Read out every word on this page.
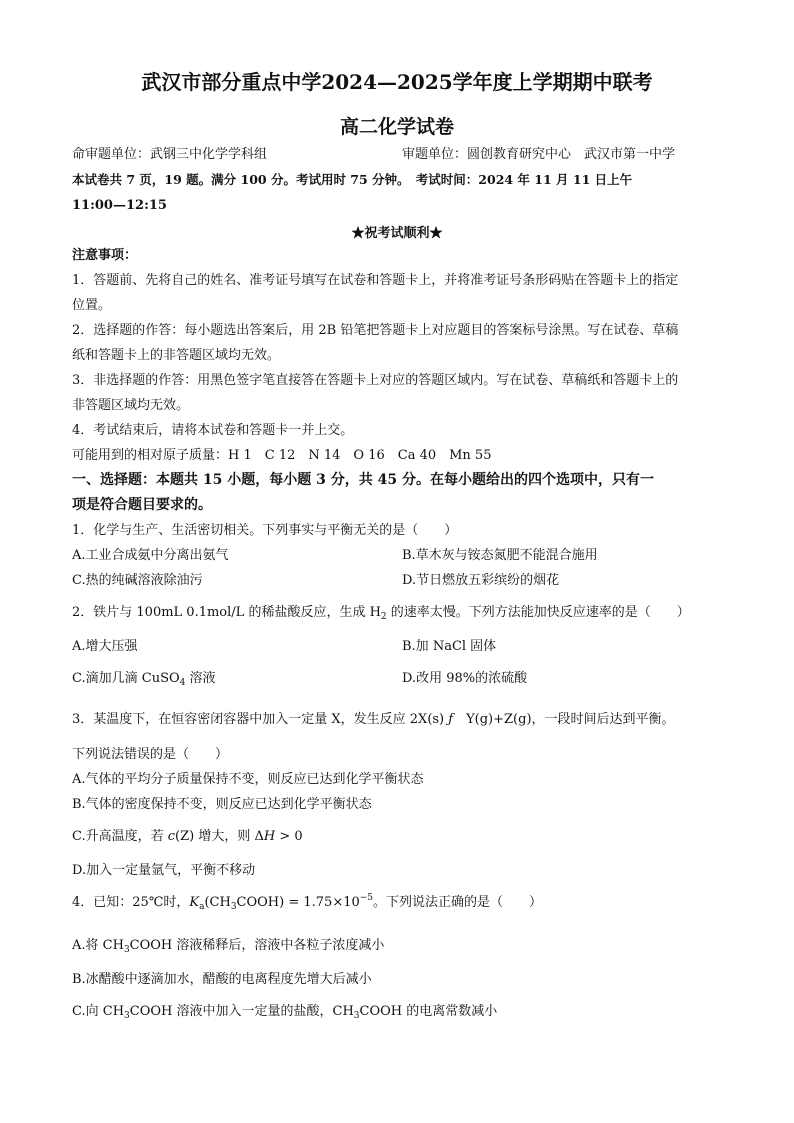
武汉市部分重点中学2024—2025学年度上学期期中联考
高二化学试卷
命审题单位：武钢三中化学学科组	审题单位：圆创教育研究中心　武汉市第一中学
本试卷共 7 页，19 题。满分 100 分。考试用时 75 分钟。　考试时间：2024 年 11 月 11 日上午
11:00—12:15
★祝考试顺利★
注意事项：
1．答题前、先将自己的姓名、准考证号填写在试卷和答题卡上，并将准考证号条形码贴在答题卡上的指定
位置。
2．选择题的作答：每小题选出答案后，用 2B 铅笔把答题卡上对应题目的答案标号涂黑。写在试卷、草稿
纸和答题卡上的非答题区域均无效。
3．非选择题的作答：用黑色签字笔直接答在答题卡上对应的答题区域内。写在试卷、草稿纸和答题卡上的
非答题区域均无效。
4．考试结束后，请将本试卷和答题卡一并上交。
可能用到的相对原子质量：H 1　C 12　N 14　O 16　Ca 40　Mn 55
一、选择题：本题共 15 小题，每小题 3 分，共 45 分。在每小题给出的四个选项中，只有一
项是符合题目要求的。
1．化学与生产、生活密切相关。下列事实与平衡无关的是（　　）
A.工业合成氨中分离出氨气	B.草木灰与铵态氮肥不能混合施用
C.热的纯碱溶液除油污	D.节日燃放五彩缤纷的烟花
2．铁片与 100mL 0.1mol/L 的稀盐酸反应，生成 $H_2$ 的速率太慢。下列方法能加快反应速率的是（　　）
A.增大压强	B.加 NaCl 固体
C.滴加几滴 CuSO$_4$ 溶液	D.改用 98%的浓硫酸
3．某温度下，在恒容密闭容器中加入一定量 X，发生反应 2X(s) ƒ　Y(g)+Z(g)，一段时间后达到平衡。
下列说法错误的是（　　）
A.气体的平均分子质量保持不变，则反应已达到化学平衡状态
B.气体的密度保持不变，则反应已达到化学平衡状态
C.升高温度，若 c(Z) 增大，则 ΔH > 0
D.加入一定量氩气，平衡不移动
4．已知：25℃时，$K_a(CH_3COOH) = 1.75\times 10^{-5}$。下列说法正确的是（　　）
A.将 $CH_3COOH$ 溶液稀释后，溶液中各粒子浓度减小
B.冰醋酸中逐滴加水，醋酸的电离程度先增大后减小
C.向 $CH_3COOH$ 溶液中加入一定量的盐酸，$CH_3COOH$ 的电离常数减小
